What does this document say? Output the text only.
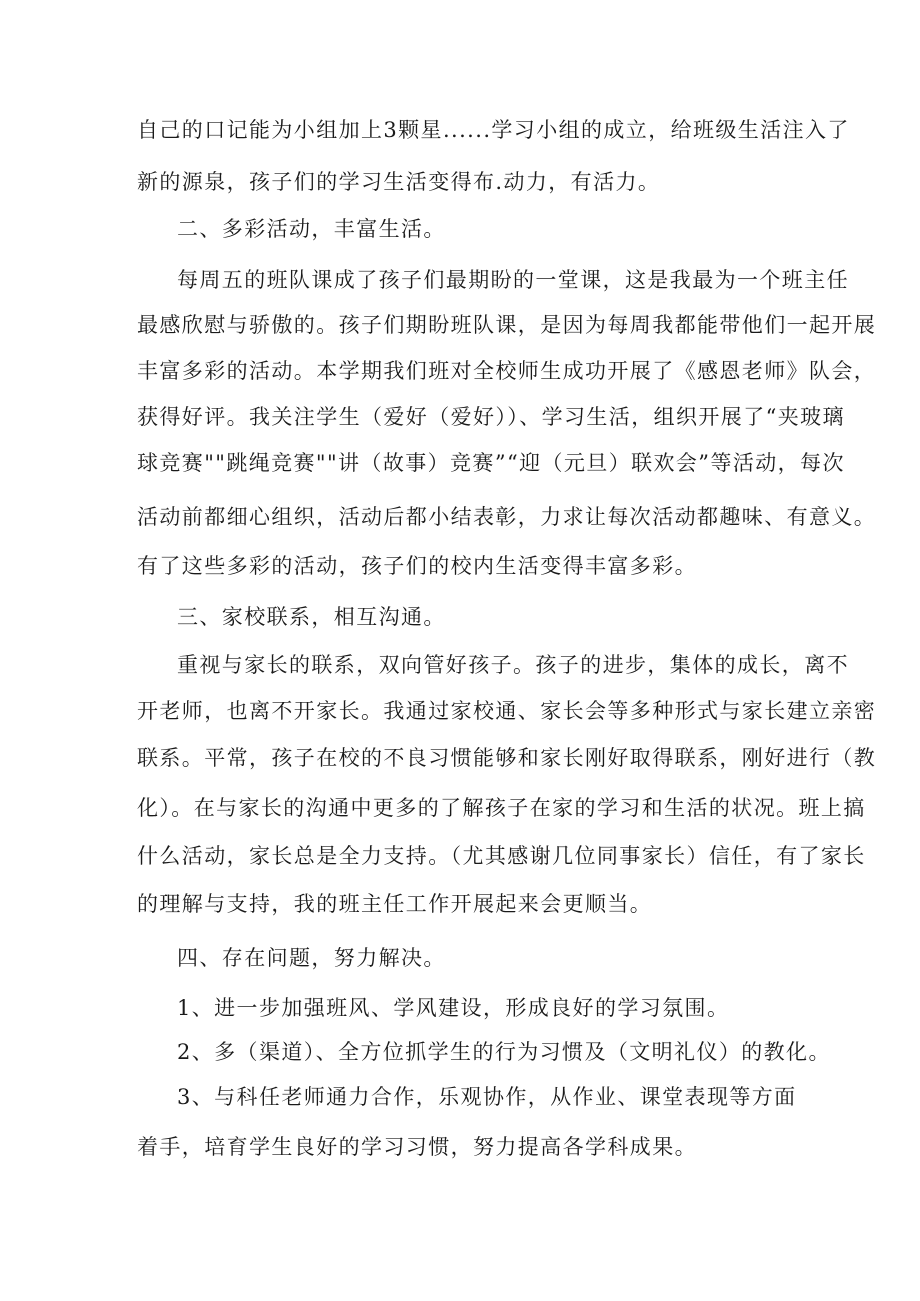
自己的口记能为小组加上3颗星......学习小组的成立，给班级生活注入了
新的源泉，孩子们的学习生活变得布.动力，有活力。
二、多彩活动，丰富生活。
每周五的班队课成了孩子们最期盼的一堂课，这是我最为一个班主任
最感欣慰与骄傲的。孩子们期盼班队课，是因为每周我都能带他们一起开展
丰富多彩的活动。本学期我们班对全校师生成功开展了《感恩老师》队会，
获得好评。我关注学生（爱好（爱好））、学习生活，组织开展了“夹玻璃
球竞赛""跳绳竞赛""讲（故事）竞赛”“迎（元旦）联欢会”等活动，每次
活动前都细心组织，活动后都小结表彰，力求让每次活动都趣味、有意义。
有了这些多彩的活动，孩子们的校内生活变得丰富多彩。
三、家校联系，相互沟通。
重视与家长的联系，双向管好孩子。孩子的进步，集体的成长，离不
开老师，也离不开家长。我通过家校通、家长会等多种形式与家长建立亲密
联系。平常，孩子在校的不良习惯能够和家长刚好取得联系，刚好进行（教
化）。在与家长的沟通中更多的了解孩子在家的学习和生活的状况。班上搞
什么活动，家长总是全力支持。（尤其感谢几位同事家长）信任，有了家长
的理解与支持，我的班主任工作开展起来会更顺当。
四、存在问题，努力解决。
1、进一步加强班风、学风建设，形成良好的学习氛围。
2、多（渠道）、全方位抓学生的行为习惯及（文明礼仪）的教化。
3、与科任老师通力合作，乐观协作，从作业、课堂表现等方面
着手，培育学生良好的学习习惯，努力提高各学科成果。
